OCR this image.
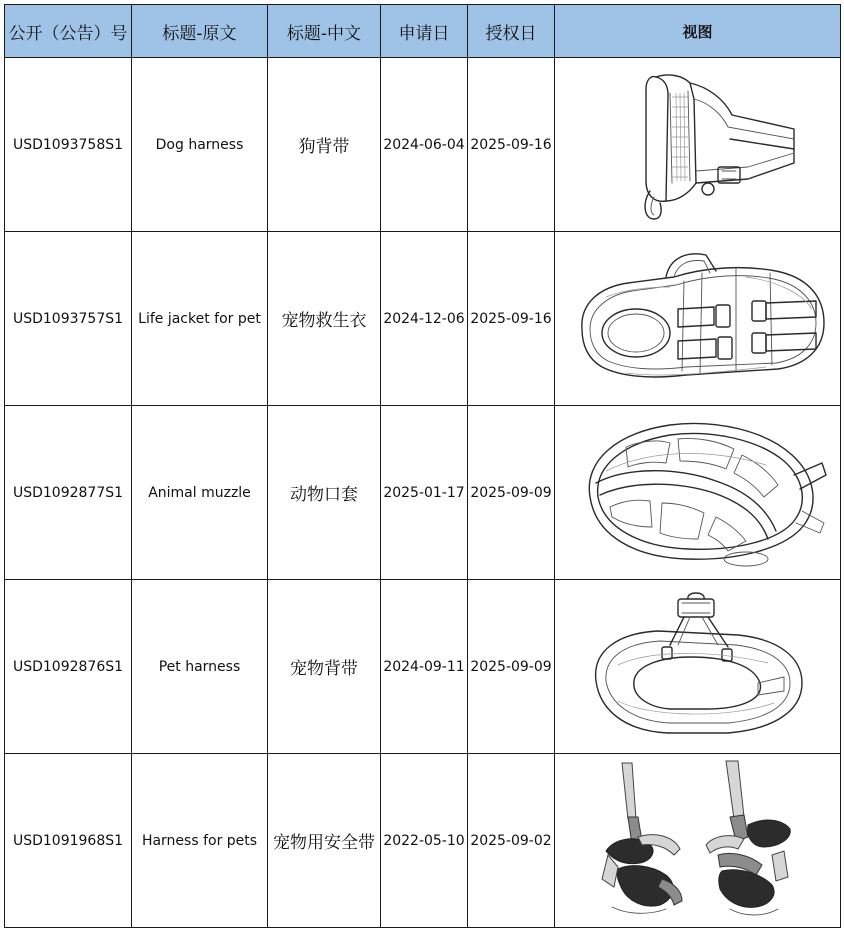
公开（公告）号	标题-原文	标题-中文	申请日	授权日	视图
USD1093758S1	Dog harness	狗背带	2024-06-04	2025-09-16	

USD1093757S1	Life jacket for pet	宠物救生衣	2024-12-06	2025-09-16	

USD1092877S1	Animal muzzle	动物口套	2025-01-17	2025-09-09	

USD1092876S1	Pet harness	宠物背带	2024-09-11	2025-09-09	

USD1091968S1	Harness for pets	宠物用安全带	2022-05-10	2025-09-02	
